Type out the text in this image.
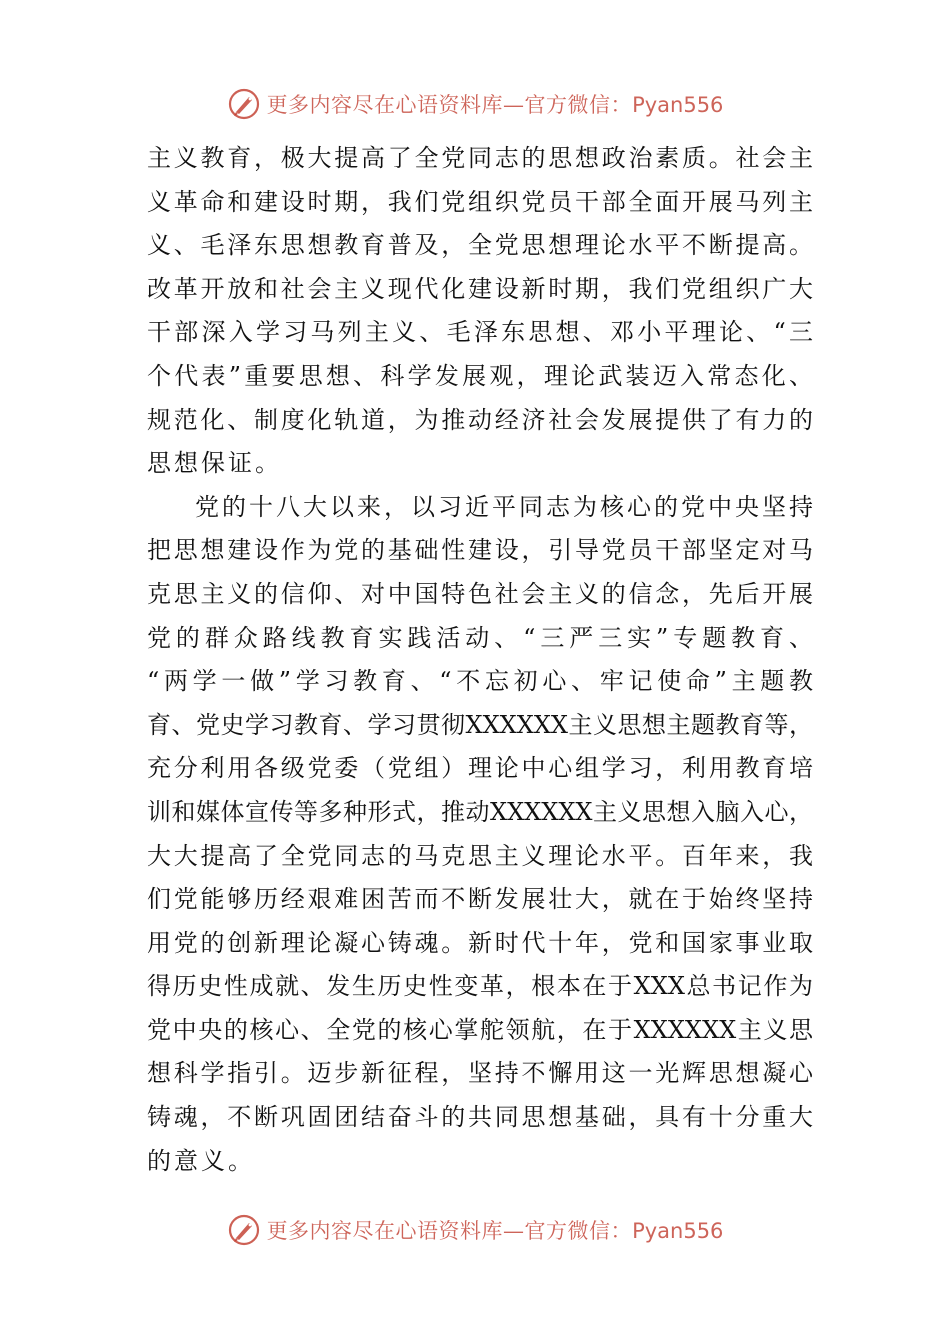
更多内容尽在心语资料库—官方微信：Pyan556
主义教育，极大提高了全党同志的思想政治素质。社会主
义革命和建设时期，我们党组织党员干部全面开展马列主
义、毛泽东思想教育普及，全党思想理论水平不断提高。
改革开放和社会主义现代化建设新时期，我们党组织广大
干部深入学习马列主义、毛泽东思想、邓小平理论、“三
个代表”重要思想、科学发展观，理论武装迈入常态化、
规范化、制度化轨道，为推动经济社会发展提供了有力的
思想保证。
党的十八大以来，以习近平同志为核心的党中央坚持
把思想建设作为党的基础性建设，引导党员干部坚定对马
克思主义的信仰、对中国特色社会主义的信念，先后开展
党的群众路线教育实践活动、“三严三实”专题教育、
“两学一做”学习教育、“不忘初心、牢记使命”主题教
育、党史学习教育、学习贯彻XXXXXX主义思想主题教育等，
充分利用各级党委（党组）理论中心组学习，利用教育培
训和媒体宣传等多种形式，推动XXXXXX主义思想入脑入心，
大大提高了全党同志的马克思主义理论水平。百年来，我
们党能够历经艰难困苦而不断发展壮大，就在于始终坚持
用党的创新理论凝心铸魂。新时代十年，党和国家事业取
得历史性成就、发生历史性变革，根本在于XXX总书记作为
党中央的核心、全党的核心掌舵领航，在于XXXXXX主义思
想科学指引。迈步新征程，坚持不懈用这一光辉思想凝心
铸魂，不断巩固团结奋斗的共同思想基础，具有十分重大
的意义。
更多内容尽在心语资料库—官方微信：Pyan556
